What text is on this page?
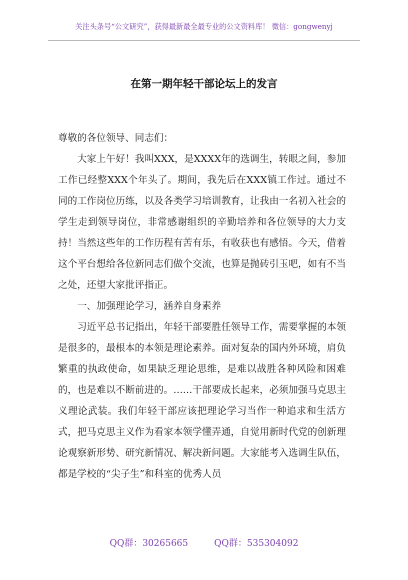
关注头条号“公文研究”，获得最新最全最专业的公文资料库！ 微信：gongwenyj
在第一期年轻干部论坛上的发言

尊敬的各位领导、同志们：

大家上午好！我叫XXX，是XXXX年的选调生，转眼之间，参加工作已经整XXX个年头了。期间，我先后在XXX镇工作过。通过不同的工作岗位历练，以及各类学习培训教育，让我由一名初入社会的学生走到领导岗位，非常感谢组织的辛勤培养和各位领导的大力支持！当然这些年的工作历程有苦有乐，有收获也有感悟。今天，借着这个平台想给各位新同志们做个交流，也算是抛砖引玉吧，如有不当之处，还望大家批评指正。

一、加强理论学习，涵养自身素养

习近平总书记指出，年轻干部要胜任领导工作，需要掌握的本领是很多的，最根本的本领是理论素养。面对复杂的国内外环境，肩负繁重的执政使命，如果缺乏理论思维，是难以战胜各种风险和困难的，也是难以不断前进的。……干部要成长起来，必须加强马克思主义理论武装。我们年轻干部应该把理论学习当作一种追求和生活方式，把马克思主义作为看家本领学懂弄通，自觉用新时代党的创新理论观察新形势、研究新情况、解决新问题。大家能考入选调生队伍，都是学校的“尖子生”和科室的优秀人员

QQ群：30265665	QQ群：535304092
